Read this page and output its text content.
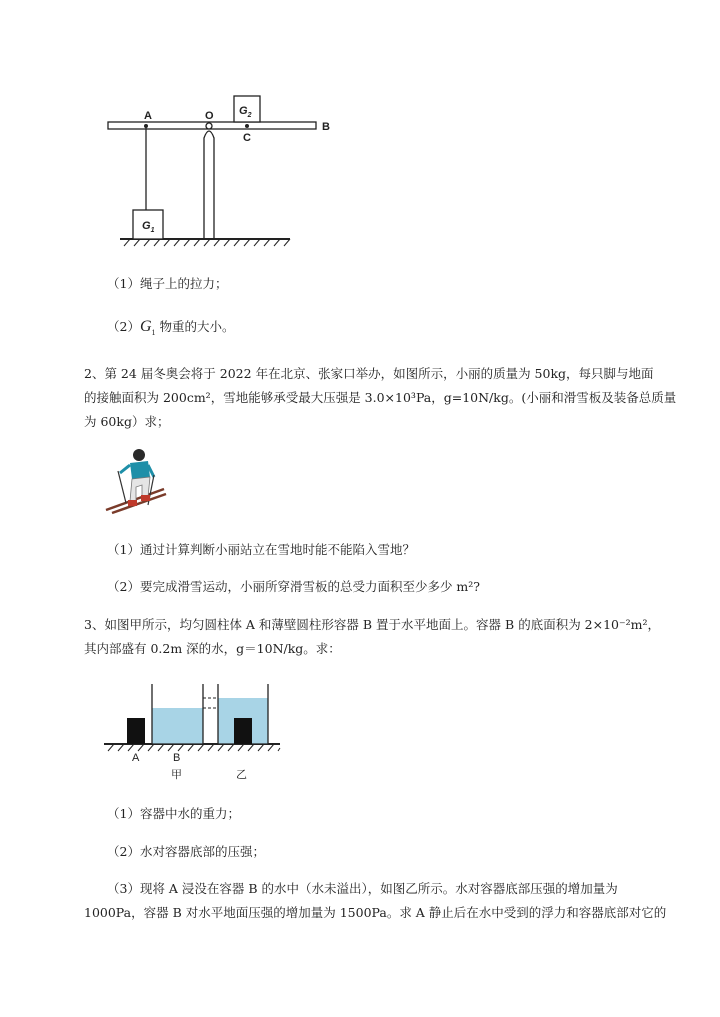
A	O
C
B
$G_2$
$G_1$
（1）绳子上的拉力；
$(2)G_1$ 物重的大小。
2、第 24 届冬奥会将于 2022 年在北京、张家口举办，如图所示，小丽的质量为 50kg，每只脚与地面
的接触面积为 200cm²，雪地能够承受最大压强是 3.0×10³Pa，g=10N/kg。(小丽和滑雪板及装备总质量
为 60kg）求；
（1）通过计算判断小丽站立在雪地时能不能陷入雪地？
（2）要完成滑雪运动，小丽所穿滑雪板的总受力面积至少多少 m²?
3、如图甲所示，均匀圆柱体 A 和薄壁圆柱形容器 B 置于水平地面上。容器 B 的底面积为 2×10⁻²m²，
其内部盛有 0.2m 深的水，g＝10N/kg。求：
A	B
甲	乙
（1）容器中水的重力；
（2）水对容器底部的压强；
（3）现将 A 浸没在容器 B 的水中（水未溢出），如图乙所示。水对容器底部压强的增加量为
1000Pa，容器 B 对水平地面压强的增加量为 1500Pa。求 A 静止后在水中受到的浮力和容器底部对它的
